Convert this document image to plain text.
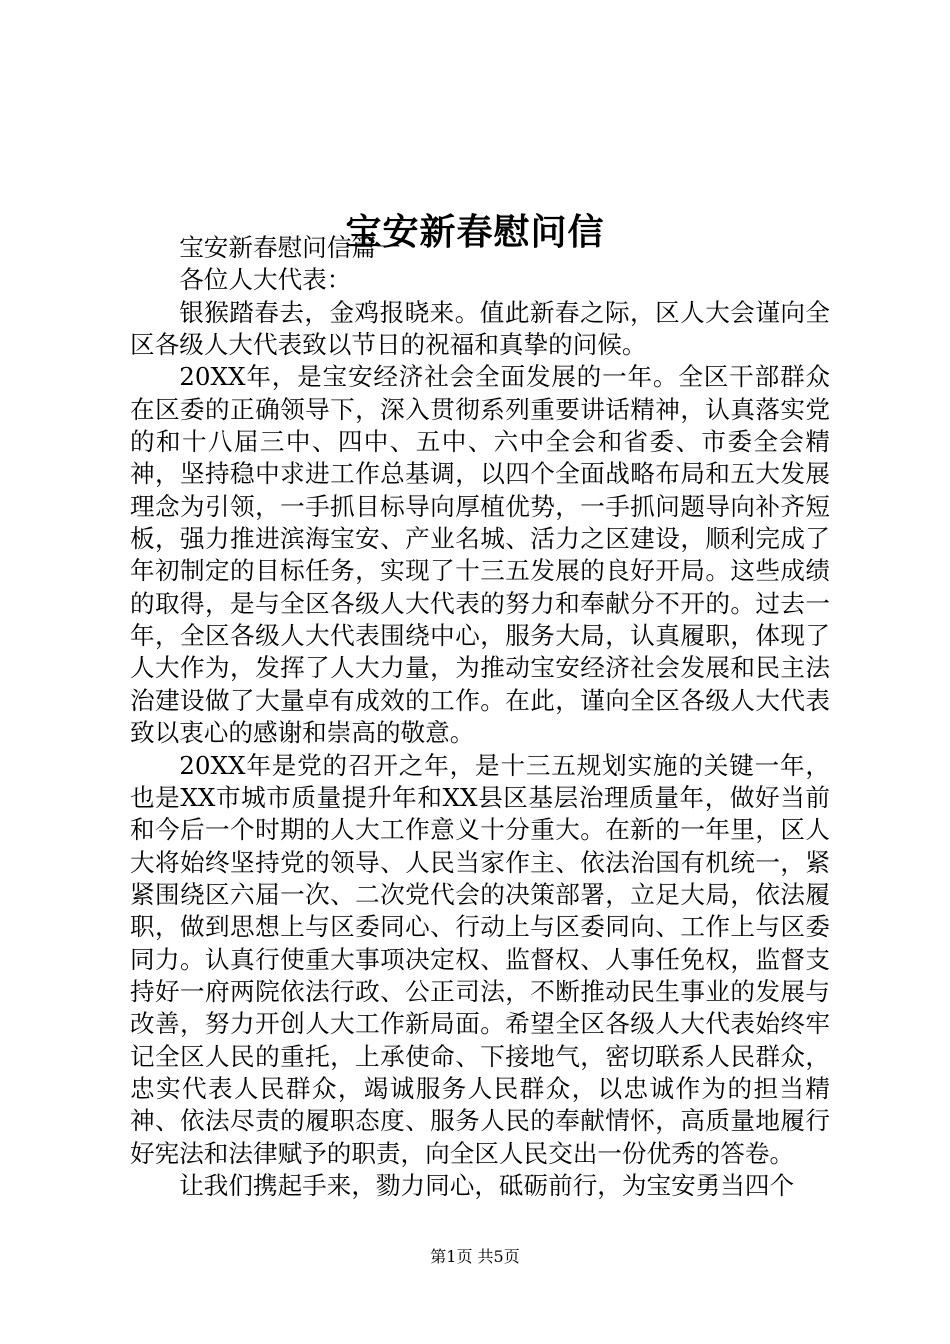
宝安新春慰问信

宝安新春慰问信篇一

各位人大代表：

银猴踏春去，金鸡报晓来。值此新春之际，区人大会谨向全区各级人大代表致以节日的祝福和真挚的问候。

20XX年，是宝安经济社会全面发展的一年。全区干部群众在区委的正确领导下，深入贯彻系列重要讲话精神，认真落实党的和十八届三中、四中、五中、六中全会和省委、市委全会精神，坚持稳中求进工作总基调，以四个全面战略布局和五大发展理念为引领，一手抓目标导向厚植优势，一手抓问题导向补齐短板，强力推进滨海宝安、产业名城、活力之区建设，顺利完成了年初制定的目标任务，实现了十三五发展的良好开局。这些成绩的取得，是与全区各级人大代表的努力和奉献分不开的。过去一年，全区各级人大代表围绕中心，服务大局，认真履职，体现了人大作为，发挥了人大力量，为推动宝安经济社会发展和民主法治建设做了大量卓有成效的工作。在此，谨向全区各级人大代表致以衷心的感谢和崇高的敬意。

20XX年是党的召开之年，是十三五规划实施的关键一年，也是XX市城市质量提升年和XX县区基层治理质量年，做好当前和今后一个时期的人大工作意义十分重大。在新的一年里，区人大将始终坚持党的领导、人民当家作主、依法治国有机统一，紧紧围绕区六届一次、二次党代会的决策部署，立足大局，依法履职，做到思想上与区委同心、行动上与区委同向、工作上与区委同力。认真行使重大事项决定权、监督权、人事任免权，监督支持好一府两院依法行政、公正司法，不断推动民生事业的发展与改善，努力开创人大工作新局面。希望全区各级人大代表始终牢记全区人民的重托，上承使命、下接地气，密切联系人民群众，忠实代表人民群众，竭诚服务人民群众，以忠诚作为的担当精神、依法尽责的履职态度、服务人民的奉献情怀，高质量地履行好宪法和法律赋予的职责，向全区人民交出一份优秀的答卷。

让我们携起手来，勠力同心，砥砺前行，为宝安勇当四个

第1页 共5页
